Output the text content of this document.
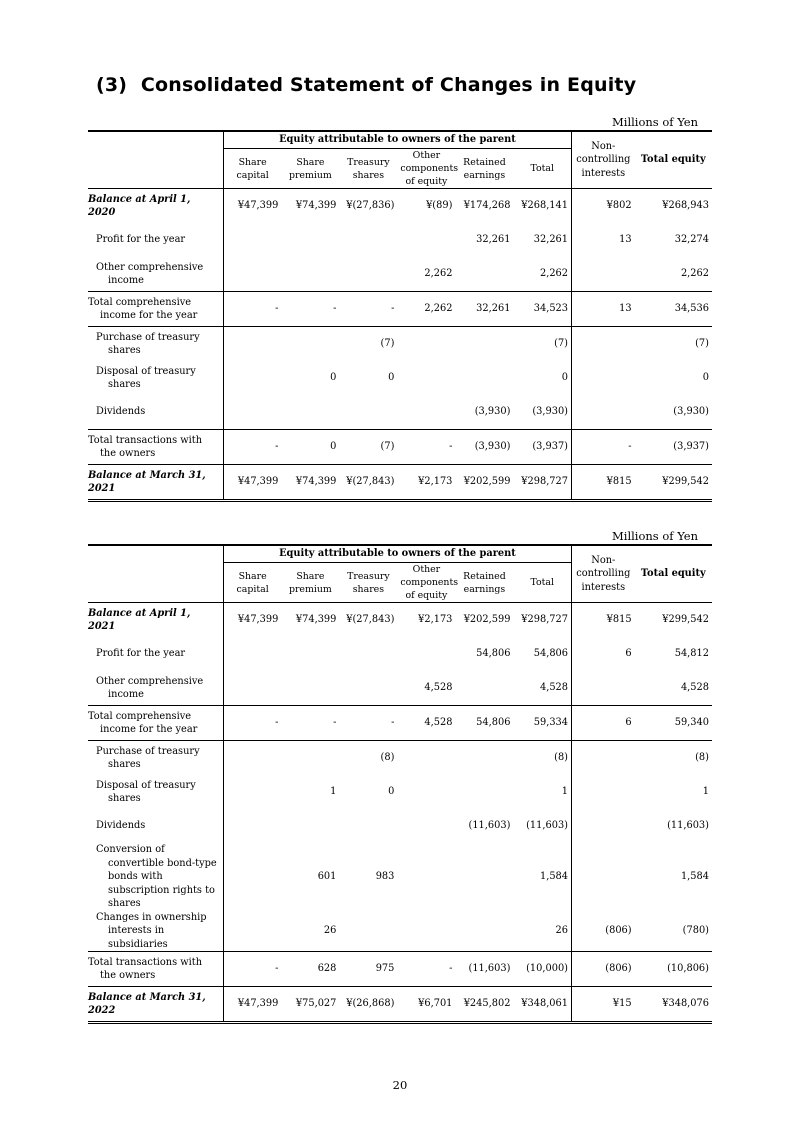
(3)  Consolidated Statement of Changes in Equity
Millions of Yen
	Equity attributable to owners of the parent						Non-controlling interests	Total equity
	Share capital	Share premium	Treasury shares	Other components of equity	Retained earnings	Total		
Balance at April 1, 2020	¥47,399	¥74,399	¥(27,836)	¥(89)	¥174,268	¥268,141	¥802	¥268,943

Profit for the year					32,261	32,261	13	32,274

Other comprehensive income				2,262		2,262		2,262

Total comprehensive income for the year	-	-	-	2,262	32,261	34,523	13	34,536

Purchase of treasury shares			(7)			(7)		(7)

Disposal of treasury shares		0	0			0		0

Dividends					(3,930)	(3,930)		(3,930)

Total transactions with the owners	-	0	(7)	-	(3,930)	(3,937)	-	(3,937)
Balance at March 31, 2021	¥47,399	¥74,399	¥(27,843)	¥2,173	¥202,599	¥298,727	¥815	¥299,542
Millions of Yen
	Equity attributable to owners of the parent						Non-controlling interests	Total equity
	Share capital	Share premium	Treasury shares	Other components of equity	Retained earnings	Total		
Balance at April 1, 2021	¥47,399	¥74,399	¥(27,843)	¥2,173	¥202,599	¥298,727	¥815	¥299,542

Profit for the year					54,806	54,806	6	54,812

Other comprehensive income				4,528		4,528		4,528

Total comprehensive income for the year	-	-	-	4,528	54,806	59,334	6	59,340

Purchase of treasury shares			(8)			(8)		(8)

Disposal of treasury shares		1	0			1		1

Dividends					(11,603)	(11,603)		(11,603)

Conversion of convertible bond-type bonds with subscription rights to shares		601	983			1,584		1,584

Changes in ownership interests in subsidiaries		26				26	(806)	(780)

Total transactions with the owners	-	628	975	-	(11,603)	(10,000)	(806)	(10,806)
Balance at March 31, 2022	¥47,399	¥75,027	¥(26,868)	¥6,701	¥245,802	¥348,061	¥15	¥348,076
20
